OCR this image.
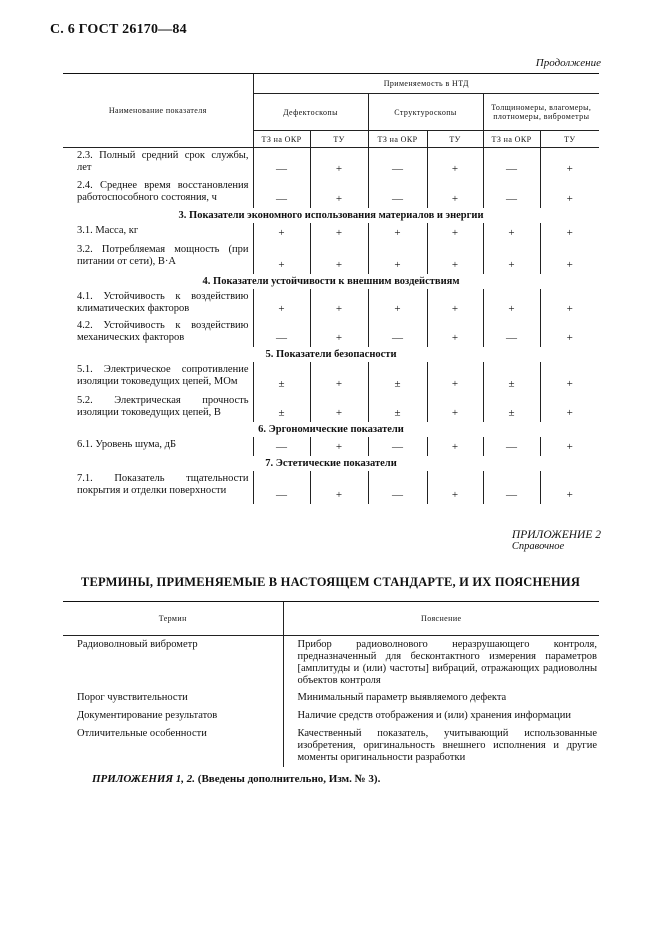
С. 6 ГОСТ 26170—84
Продолжение
Наименование показателя	Применяемость в НТД					
	Дефектоскопы		Структуроскопы		Толщиномеры, влагомеры, плотномеры, виброметры	
	ТЗ на ОКР	ТУ	ТЗ на ОКР	ТУ	ТЗ на ОКР	ТУ
2.3. Полный средний срок службы, лет	—	+	—	+	—	+
2.4. Среднее время восстановления работоспособного состояния, ч	—	+	—	+	—	+
3. Показатели экономного использования материалов и энергии						
3.1. Масса, кг	+	+	+	+	+	+
3.2. Потребляемая мощность (при питании от сети), В·А	+	+	+	+	+	+
4. Показатели устойчивости к внешним воздействиям						
4.1. Устойчивость к воздействию климатических факторов	+	+	+	+	+	+
4.2. Устойчивость к воздействию механических факторов	—	+	—	+	—	+
5. Показатели безопасности						
5.1. Электрическое сопротивление изоляции токоведущих цепей, МОм	±	+	±	+	±	+
5.2. Электрическая прочность изоляции токоведущих цепей, В	±	+	±	+	±	+
6. Эргономические показатели						
6.1. Уровень шума, дБ	—	+	—	+	—	+
7. Эстетические показатели						
7.1. Показатель тщательности покрытия и отделки поверхности	—	+	—	+	—	+
ПРИЛОЖЕНИЕ 2
Справочное
ТЕРМИНЫ, ПРИМЕНЯЕМЫЕ В НАСТОЯЩЕМ СТАНДАРТЕ, И ИХ ПОЯСНЕНИЯ
Термин	Пояснение
Радиоволновый виброметр	Прибор радиоволнового неразрушающего контроля, предназначенный для бесконтактного измерения параметров [амплитуды и (или) частоты] вибраций, отражающих радиоволны объектов контроля
Порог чувствительности	Минимальный параметр выявляемого дефекта
Документирование результатов	Наличие средств отображения и (или) хранения информации
Отличительные особенности	Качественный показатель, учитывающий использованные изобретения, оригинальность внешнего исполнения и другие моменты оригинальности разработки
ПРИЛОЖЕНИЯ 1, 2. (Введены дополнительно, Изм. № 3).
